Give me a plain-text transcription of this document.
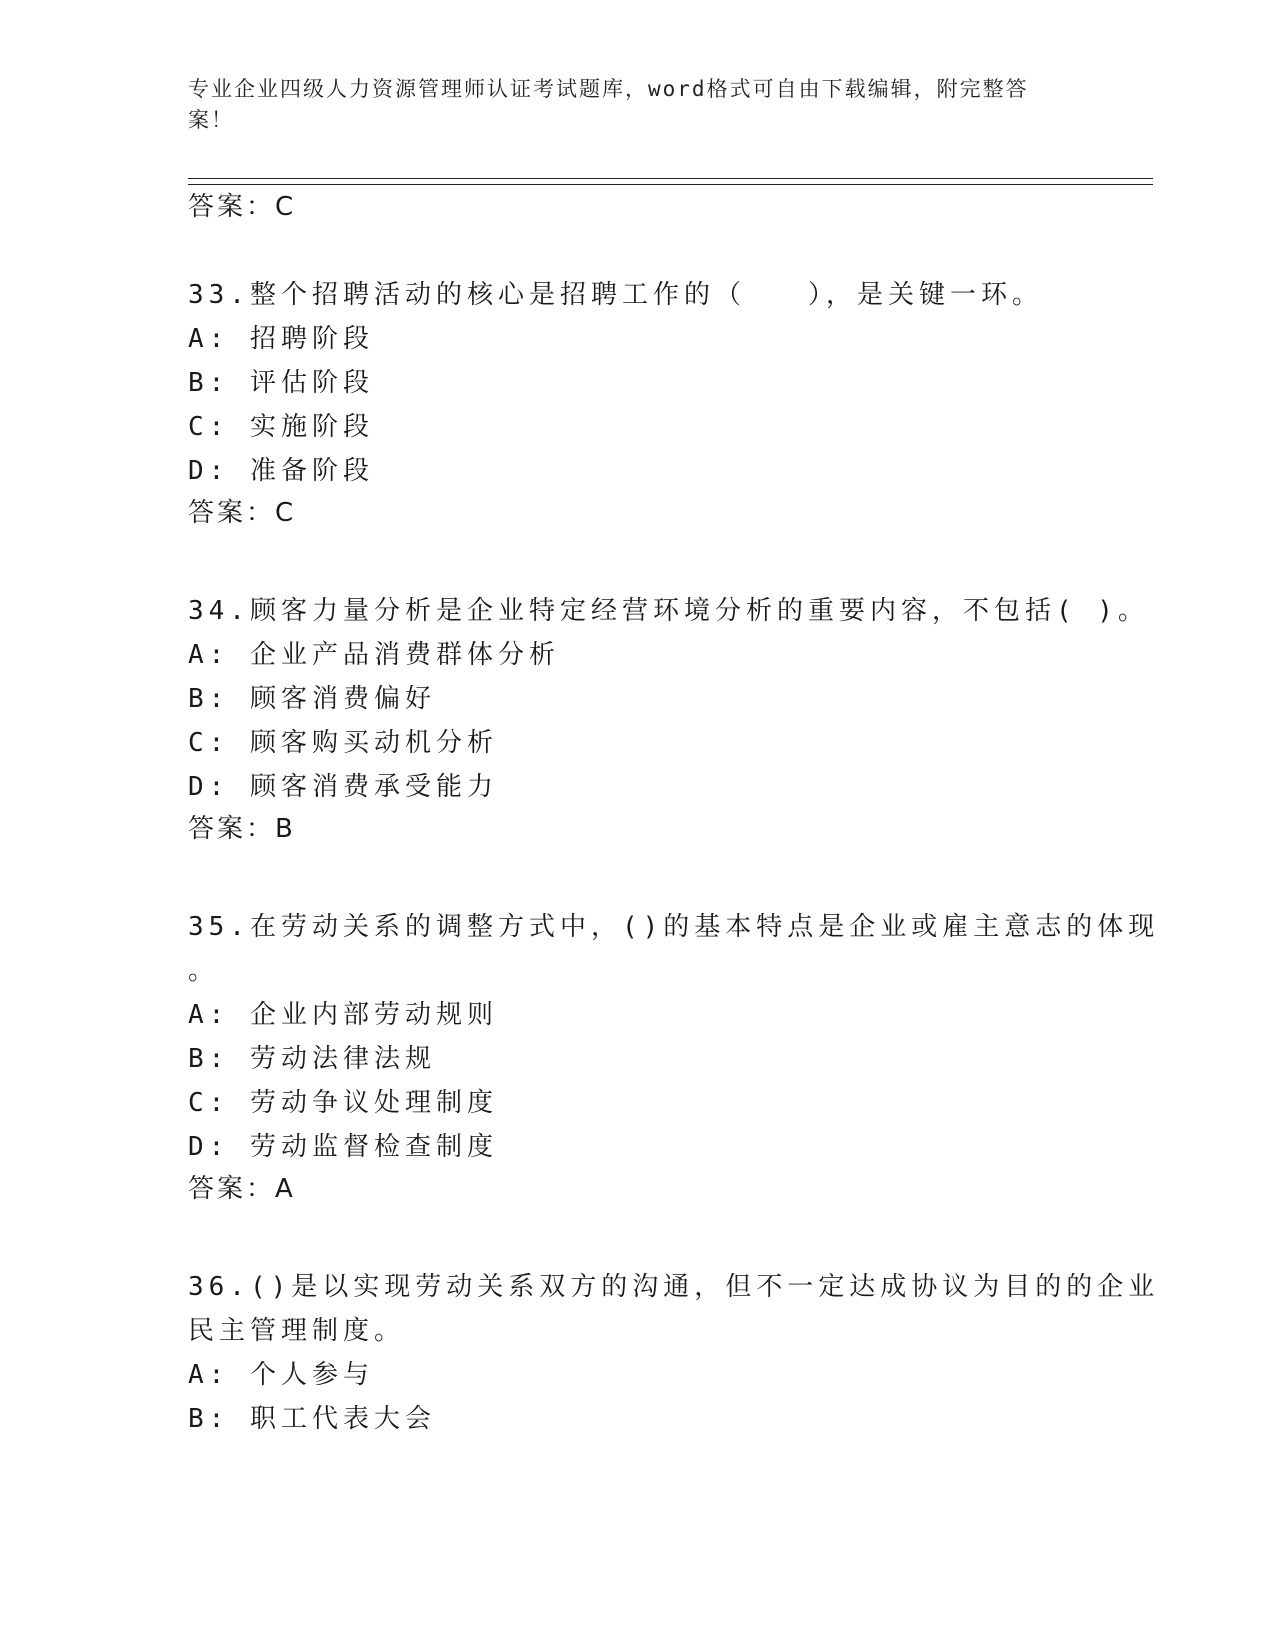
专业企业四级人力资源管理师认证考试题库，word格式可自由下载编辑，附完整答案！
答案：C
33.整个招聘活动的核心是招聘工作的（　　），是关键一环。
A: 招聘阶段
B: 评估阶段
C: 实施阶段
D: 准备阶段
答案：C
34.顾客力量分析是企业特定经营环境分析的重要内容，不包括( )。
A: 企业产品消费群体分析
B: 顾客消费偏好
C: 顾客购买动机分析
D: 顾客消费承受能力
答案：B
35.在劳动关系的调整方式中，()的基本特点是企业或雇主意志的体现
。
A: 企业内部劳动规则
B: 劳动法律法规
C: 劳动争议处理制度
D: 劳动监督检查制度
答案：A
36.()是以实现劳动关系双方的沟通，但不一定达成协议为目的的企业
民主管理制度。
A: 个人参与
B: 职工代表大会
